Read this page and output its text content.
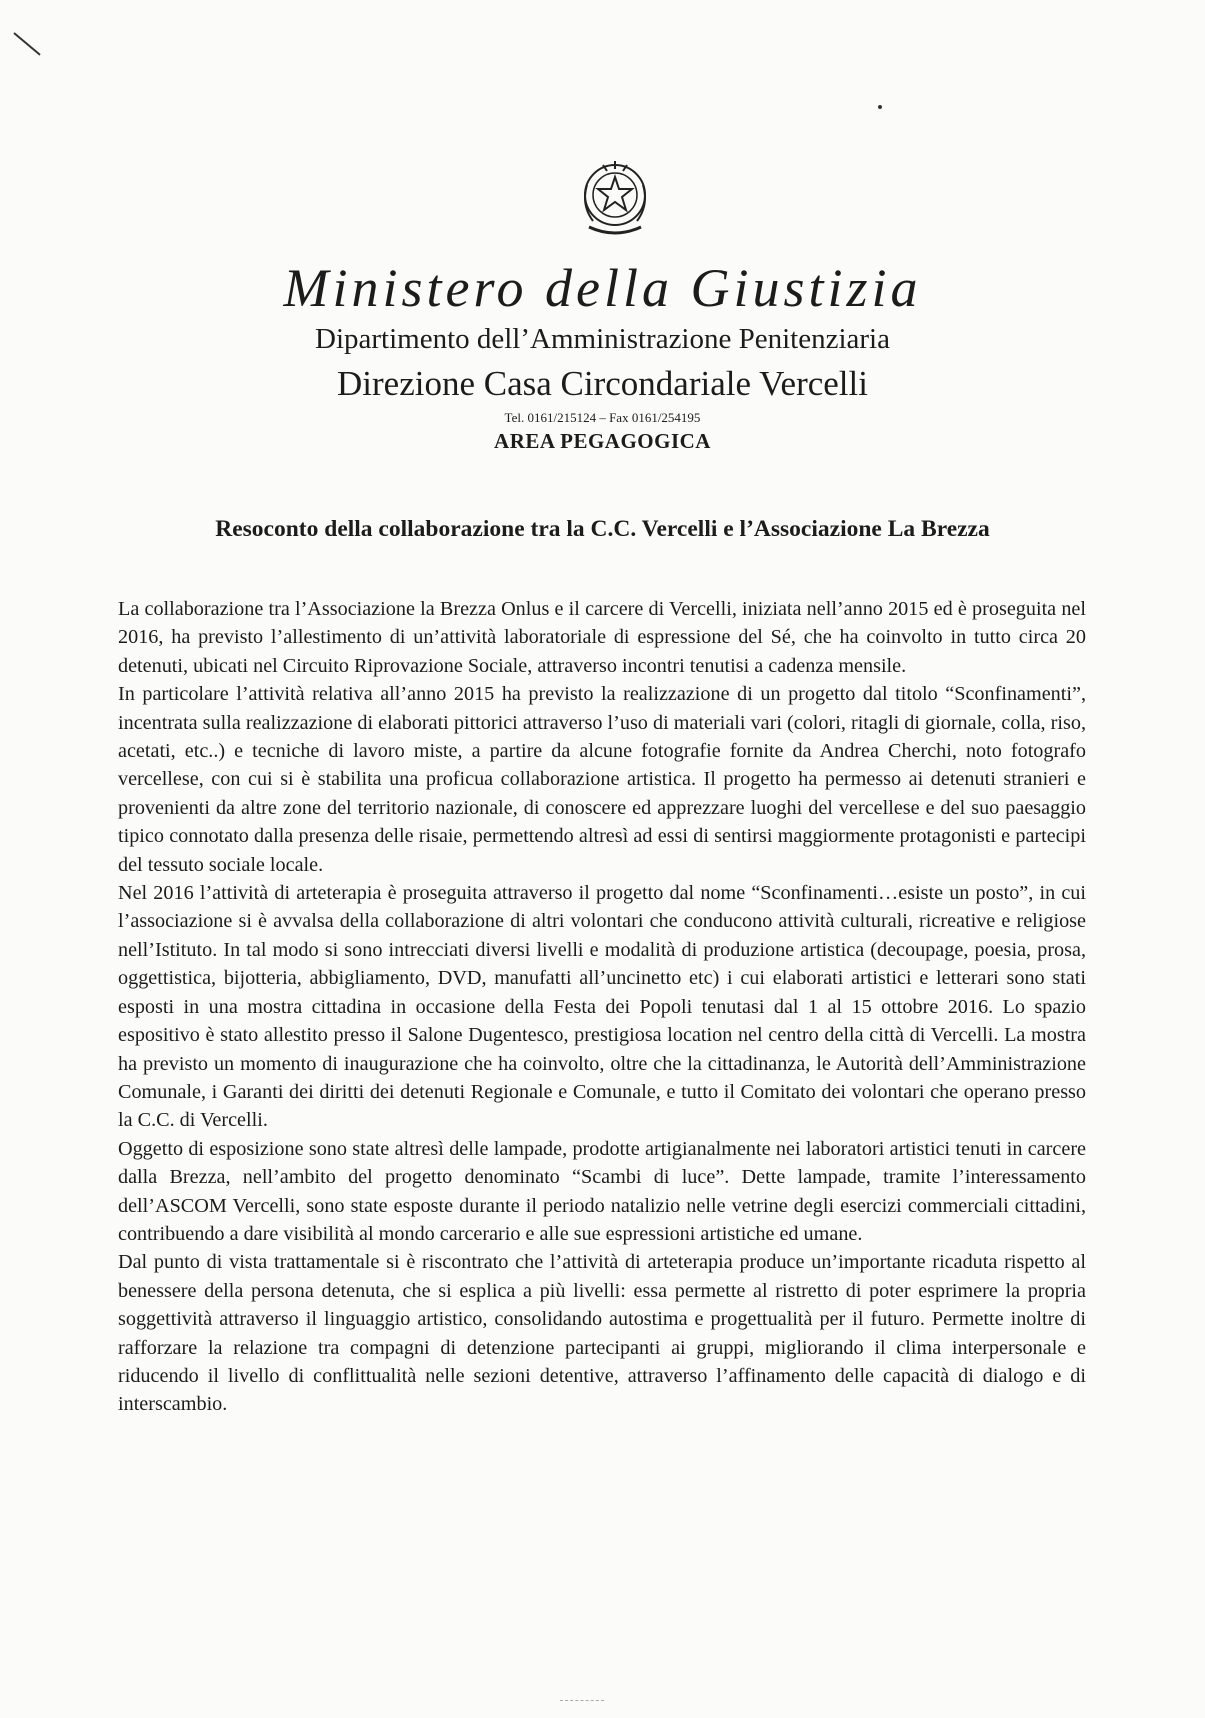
Ministero della Giustizia
Dipartimento dell’Amministrazione Penitenziaria
Direzione Casa Circondariale Vercelli
Tel. 0161/215124 – Fax 0161/254195
AREA PEGAGOGICA
Resoconto della collaborazione tra la C.C. Vercelli e l’Associazione La Brezza

La collaborazione tra l’Associazione la Brezza Onlus e il carcere di Vercelli, iniziata nell’anno 2015 ed è proseguita nel 2016, ha previsto l’allestimento di un’attività laboratoriale di espressione del Sé, che ha coinvolto in tutto circa 20 detenuti, ubicati nel Circuito Riprovazione Sociale, attraverso incontri tenutisi a cadenza mensile.

In particolare l’attività relativa all’anno 2015 ha previsto la realizzazione di un progetto dal titolo “Sconfinamenti”, incentrata sulla realizzazione di elaborati pittorici attraverso l’uso di materiali vari (colori, ritagli di giornale, colla, riso, acetati, etc..) e tecniche di lavoro miste, a partire da alcune fotografie fornite da Andrea Cherchi, noto fotografo vercellese, con cui si è stabilita una proficua collaborazione artistica. Il progetto ha permesso ai detenuti stranieri e provenienti da altre zone del territorio nazionale, di conoscere ed apprezzare luoghi del vercellese e del suo paesaggio tipico connotato dalla presenza delle risaie, permettendo altresì ad essi di sentirsi maggiormente protagonisti e partecipi del tessuto sociale locale.

Nel 2016 l’attività di arteterapia è proseguita attraverso il progetto dal nome “Sconfinamenti…esiste un posto”, in cui l’associazione si è avvalsa della collaborazione di altri volontari che conducono attività culturali, ricreative e religiose nell’Istituto. In tal modo si sono intrecciati diversi livelli e modalità di produzione artistica (decoupage, poesia, prosa, oggettistica, bijotteria, abbigliamento, DVD, manufatti all’uncinetto etc) i cui elaborati artistici e letterari sono stati esposti in una mostra cittadina in occasione della Festa dei Popoli tenutasi dal 1 al 15 ottobre 2016. Lo spazio espositivo è stato allestito presso il Salone Dugentesco, prestigiosa location nel centro della città di Vercelli. La mostra ha previsto un momento di inaugurazione che ha coinvolto, oltre che la cittadinanza, le Autorità dell’Amministrazione Comunale, i Garanti dei diritti dei detenuti Regionale e Comunale, e tutto il Comitato dei volontari che operano presso la C.C. di Vercelli.

Oggetto di esposizione sono state altresì delle lampade, prodotte artigianalmente nei laboratori artistici tenuti in carcere dalla Brezza, nell’ambito del progetto denominato “Scambi di luce”. Dette lampade, tramite l’interessamento dell’ASCOM Vercelli, sono state esposte durante il periodo natalizio nelle vetrine degli esercizi commerciali cittadini, contribuendo a dare visibilità al mondo carcerario e alle sue espressioni artistiche ed umane.

Dal punto di vista trattamentale si è riscontrato che l’attività di arteterapia produce un’importante ricaduta rispetto al benessere della persona detenuta, che si esplica a più livelli: essa permette al ristretto di poter esprimere la propria soggettività attraverso il linguaggio artistico, consolidando autostima e progettualità per il futuro. Permette inoltre di rafforzare la relazione tra compagni di detenzione partecipanti ai gruppi, migliorando il clima interpersonale e riducendo il livello di conflittualità nelle sezioni detentive, attraverso l’affinamento delle capacità di dialogo e di interscambio.
